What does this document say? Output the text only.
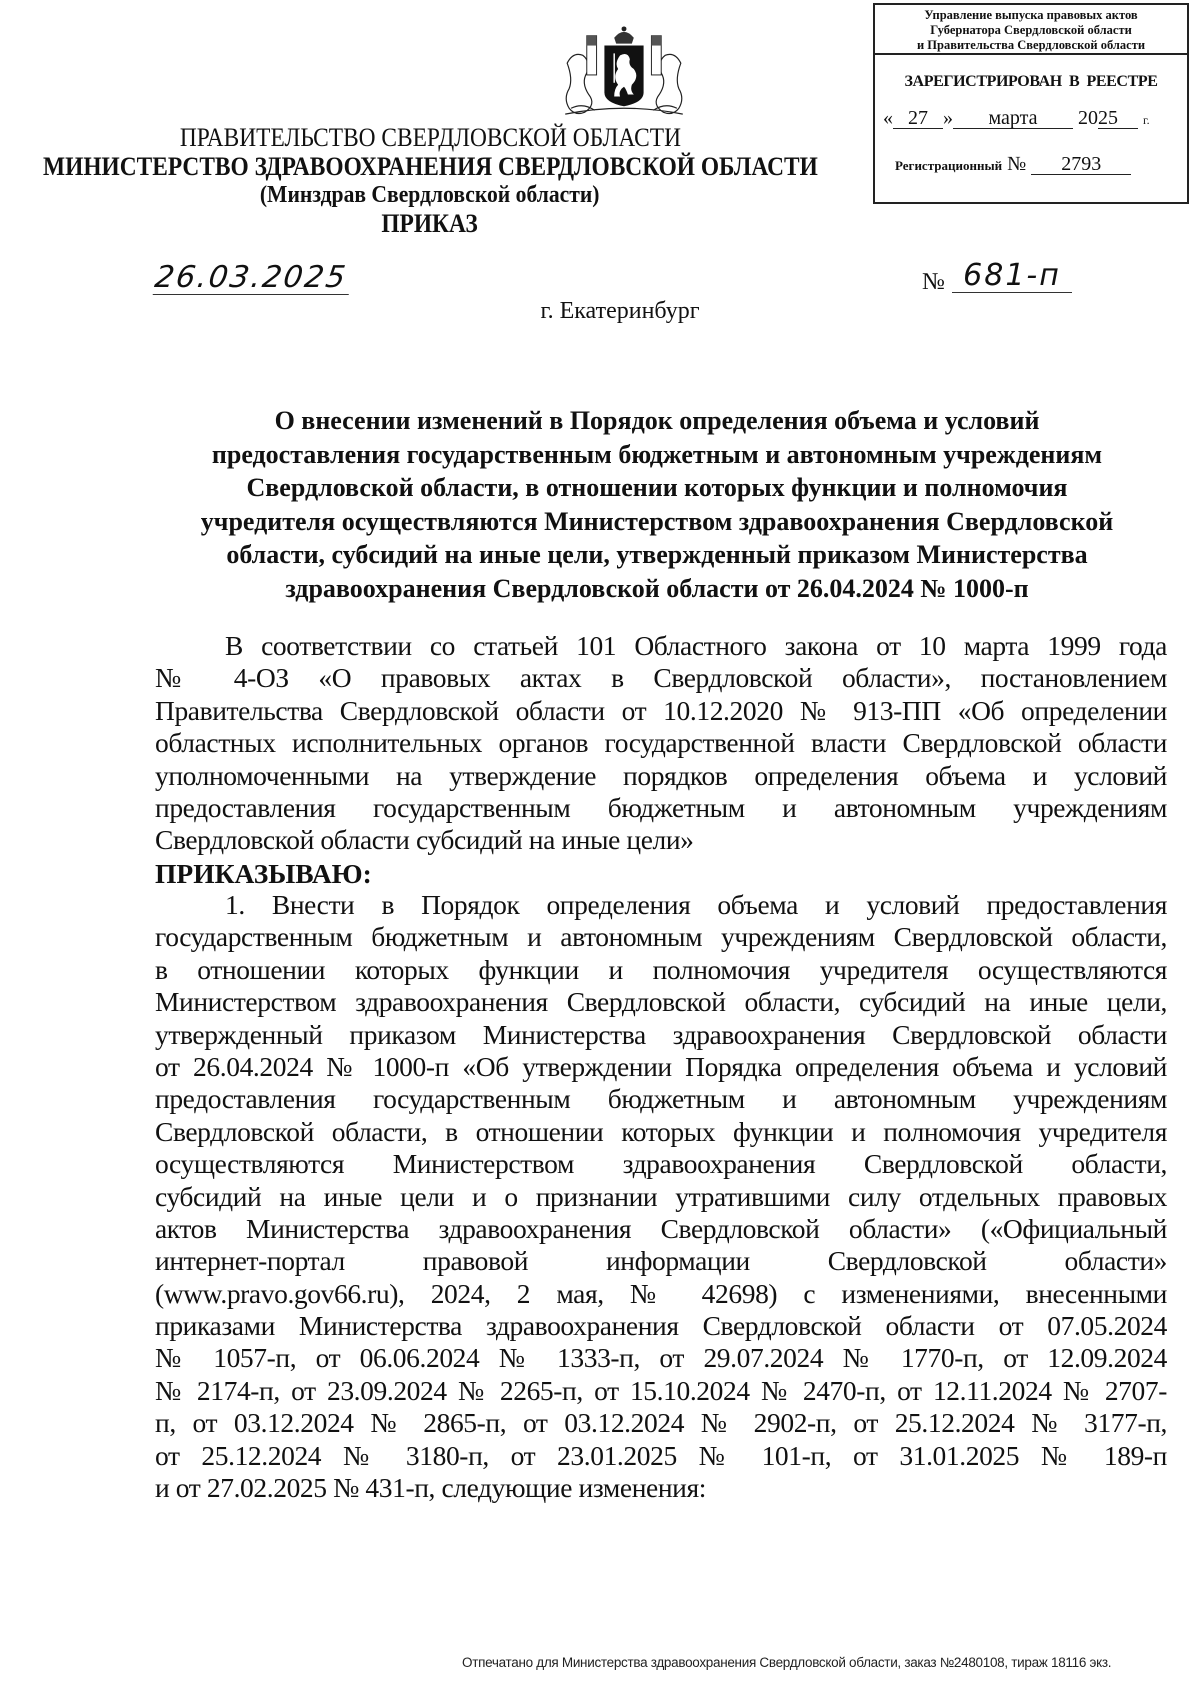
ПРАВИТЕЛЬСТВО СВЕРДЛОВСКОЙ ОБЛАСТИ
МИНИСТЕРСТВО ЗДРАВООХРАНЕНИЯ СВЕРДЛОВСКОЙ ОБЛАСТИ
(Минздрав Свердловской области)
ПРИКАЗ
Управление выпуска правовых актов
Губернатора Свердловской области
и Правительства Свердловской области
ЗАРЕГИСТРИРОВАН  В  РЕЕСТРЕ
« 27 » марта 2025 г.
Регистрационный № 2793
26.03.2025	№ 681-п
г. Екатеринбург
О внесении изменений в Порядок определения объема и условий
предоставления государственным бюджетным и автономным учреждениям
Свердловской области, в отношении которых функции и полномочия
учредителя осуществляются Министерством здравоохранения Свердловской
области, субсидий на иные цели, утвержденный приказом Министерства
здравоохранения Свердловской области от 26.04.2024 № 1000-п
В соответствии со статьей 101 Областного закона от 10 марта 1999 года
№ 4-ОЗ «О правовых актах в Свердловской области», постановлением
Правительства Свердловской области от 10.12.2020 № 913-ПП «Об определении
областных исполнительных органов государственной власти Свердловской области
уполномоченными на утверждение порядков определения объема и условий
предоставления государственным бюджетным и автономным учреждениям
Свердловской области субсидий на иные цели»
ПРИКАЗЫВАЮ:
1. Внести в Порядок определения объема и условий предоставления
государственным бюджетным и автономным учреждениям Свердловской области,
в отношении которых функции и полномочия учредителя осуществляются
Министерством здравоохранения Свердловской области, субсидий на иные цели,
утвержденный приказом Министерства здравоохранения Свердловской области
от 26.04.2024 № 1000-п «Об утверждении Порядка определения объема и условий
предоставления государственным бюджетным и автономным учреждениям
Свердловской области, в отношении которых функции и полномочия учредителя
осуществляются Министерством здравоохранения Свердловской области,
субсидий на иные цели и о признании утратившими силу отдельных правовых
актов Министерства здравоохранения Свердловской области» («Официальный
интернет-портал правовой информации Свердловской области»
(www.pravo.gov66.ru), 2024, 2 мая, № 42698) с изменениями, внесенными
приказами Министерства здравоохранения Свердловской области от 07.05.2024
№ 1057-п, от 06.06.2024 № 1333-п, от 29.07.2024 № 1770-п, от 12.09.2024
№ 2174-п, от 23.09.2024 № 2265-п, от 15.10.2024 № 2470-п, от 12.11.2024 № 2707-
п, от 03.12.2024 № 2865-п, от 03.12.2024 № 2902-п, от 25.12.2024 № 3177-п,
от 25.12.2024 № 3180-п, от 23.01.2025 № 101-п, от 31.01.2025 № 189-п
и от 27.02.2025 № 431-п, следующие изменения:
Отпечатано для Министерства здравоохранения Свердловской области, заказ №2480108, тираж 18116 экз.
